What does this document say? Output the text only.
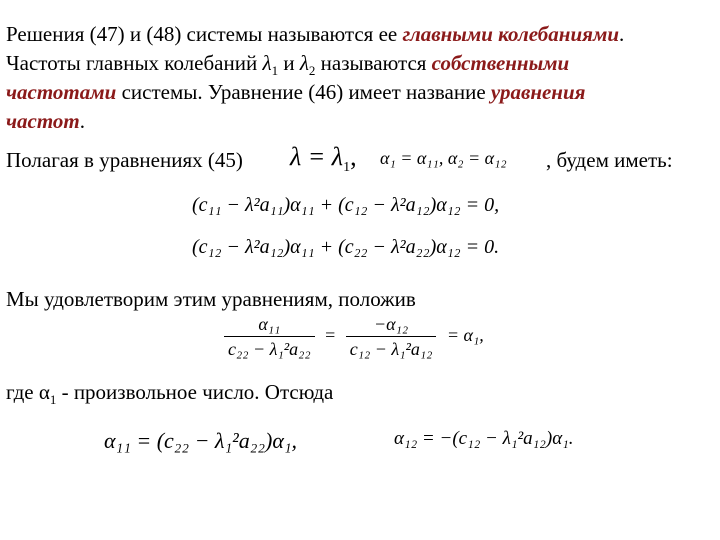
Решения (47) и (48) системы называются ее главными колебаниями.
Частоты главных колебаний $\lambda_1$ и $\lambda_2$ называются собственными
частотами системы. Уравнение (46) имеет название уравнения
частот.
Полагая в уравнениях (45) $\lambda = \lambda_1$, α₁ = α₁₁, α₂ = α₁₂ , будем иметь:
(c₁₁ − λ²a₁₁)α₁₁ + (c₁₂ − λ²a₁₂)α₁₂ = 0,
(c₁₂ − λ²a₁₂)α₁₁ + (c₂₂ − λ²a₂₂)α₁₂ = 0.
Мы удовлетворим этим уравнениям, положив
$\frac{\text{α₁₁}}{\text{c₂₂ − λ₁²a₂₂}} = \frac{\text{−α₁₂}}{\text{c₁₂ − λ₁²a₁₂}} = \alpha_1$,
где $\alpha_1$ - произвольное число. Отсюда
α₁₁ = (c₂₂ − λ₁²a₂₂)α₁,	α₁₂ = −(c₁₂ − λ₁²a₁₂)α₁.
